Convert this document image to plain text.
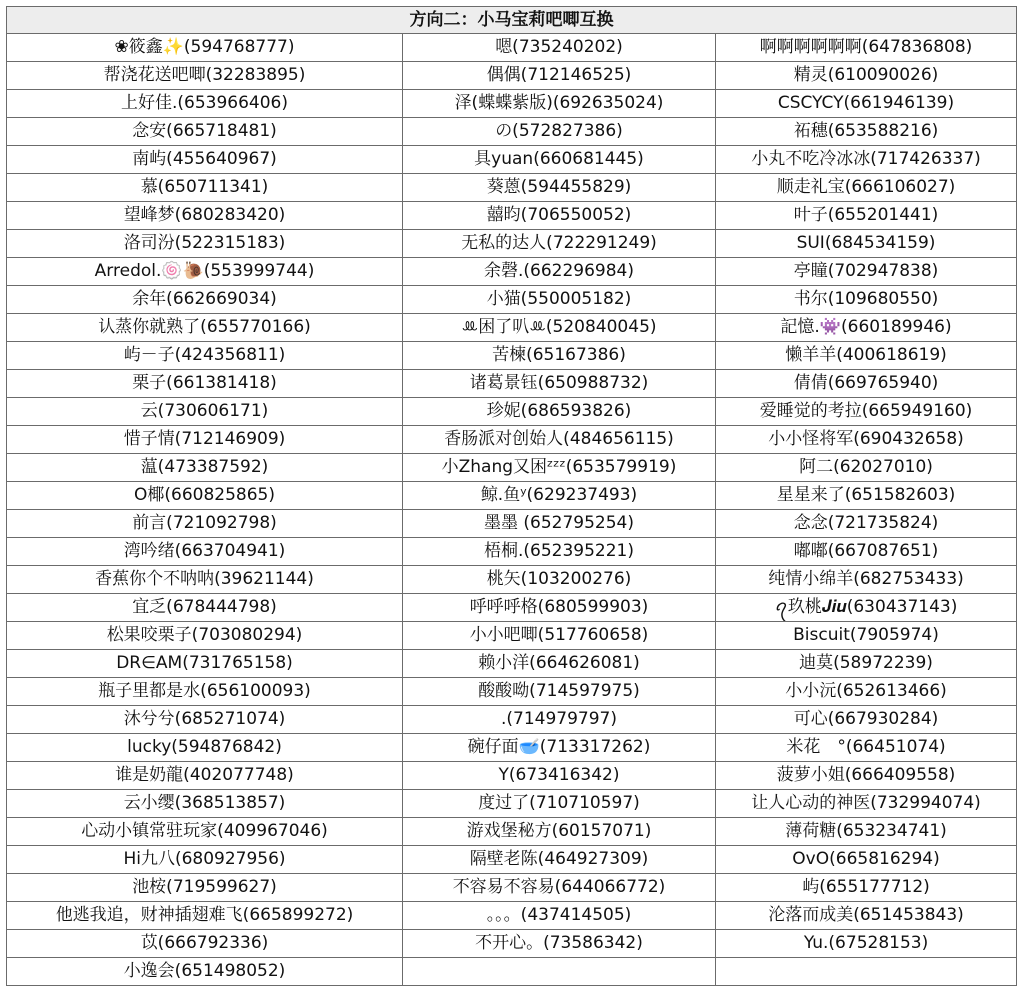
方向二：小马宝莉吧唧互换		
❀筱鑫✨(594768777)	嗯(735240202)	啊啊啊啊啊啊(647836808)
帮浇花送吧唧(32283895)	偶偶(712146525)	精灵(610090026)
上好佳.(653966406)	泽(蝶蝶紫版)(692635024)	CSCYCY(661946139)
念安(665718481)	の(572827386)	祏穗(653588216)
南屿(455640967)	具yuan(660681445)	小丸不吃冷冰冰(717426337)
慕(650711341)	葵蒽(594455829)	顺走礼宝(666106027)
望峰梦(680283420)	囍昀(706550052)	叶子(655201441)
洛司汾(522315183)	无私的达人(722291249)	SUI(684534159)
Arredol.🍥🐌(553999744)	余磬.(662296984)	亭瞳(702947838)
余年(662669034)	小猫(550005182)	书尔(109680550)
认蒸你就熟了(655770166)	ꔛ困了叭ꔛ(520840045)	記憶.👾(660189946)
屿－子(424356811)	苦楝(65167386)	懒羊羊(400618619)
栗子(661381418)	诸葛景钰(650988732)	倩倩(669765940)
云(730606171)	珍妮(686593826)	爱睡觉的考拉(665949160)
惜子情(712146909)	香肠派对创始人(484656115)	小小怪将军(690432658)
蕰(473387592)	小Zhang又困ᶻᶻᶻ(653579919)	阿二(62027010)
O椰(660825865)	鲸.鱼ʸ(629237493)	星星来了(651582603)
前言(721092798)	墨墨 (652795254)	念念(721735824)
湾吟绪(663704941)	梧桐.(652395221)	嘟嘟(667087651)
香蕉你个不呐呐(39621144)	桃矢(103200276)	纯情小绵羊(682753433)
宜乏(678444798)	呼呼呼格(680599903)	ꪖ玖桃𝑱𝒊𝒖(630437143)
松果咬栗子(703080294)	小小吧唧(517760658)	Biscuit(7905974)
DR∈AM(731765158)	赖小洋(664626081)	迪莫(58972239)
瓶子里都是水(656100093)	酸酸呦(714597975)	小小沅(652613466)
沐兮兮(685271074)	.(714979797)	可心(667930284)
lucky(594876842)	碗仔面🥣(713317262)	米花　°(66451074)
谁是奶龍(402077748)	Y(673416342)	菠萝小姐(666409558)
云小缨(368513857)	度过了(710710597)	让人心动的神医(732994074)
心动小镇常驻玩家(409967046)	游戏堡秘方(60157071)	薄荷糖(653234741)
Hi九八(680927956)	隔壁老陈(464927309)	OvO(665816294)
池桉(719599627)	不容易不容易(644066772)	屿(655177712)
他逃我追，财神插翅难飞(665899272)	。。。(437414505)	沦落而成美(651453843)
苡(666792336)	不开心。(73586342)	Yu.(67528153)
小逸会(651498052)		
